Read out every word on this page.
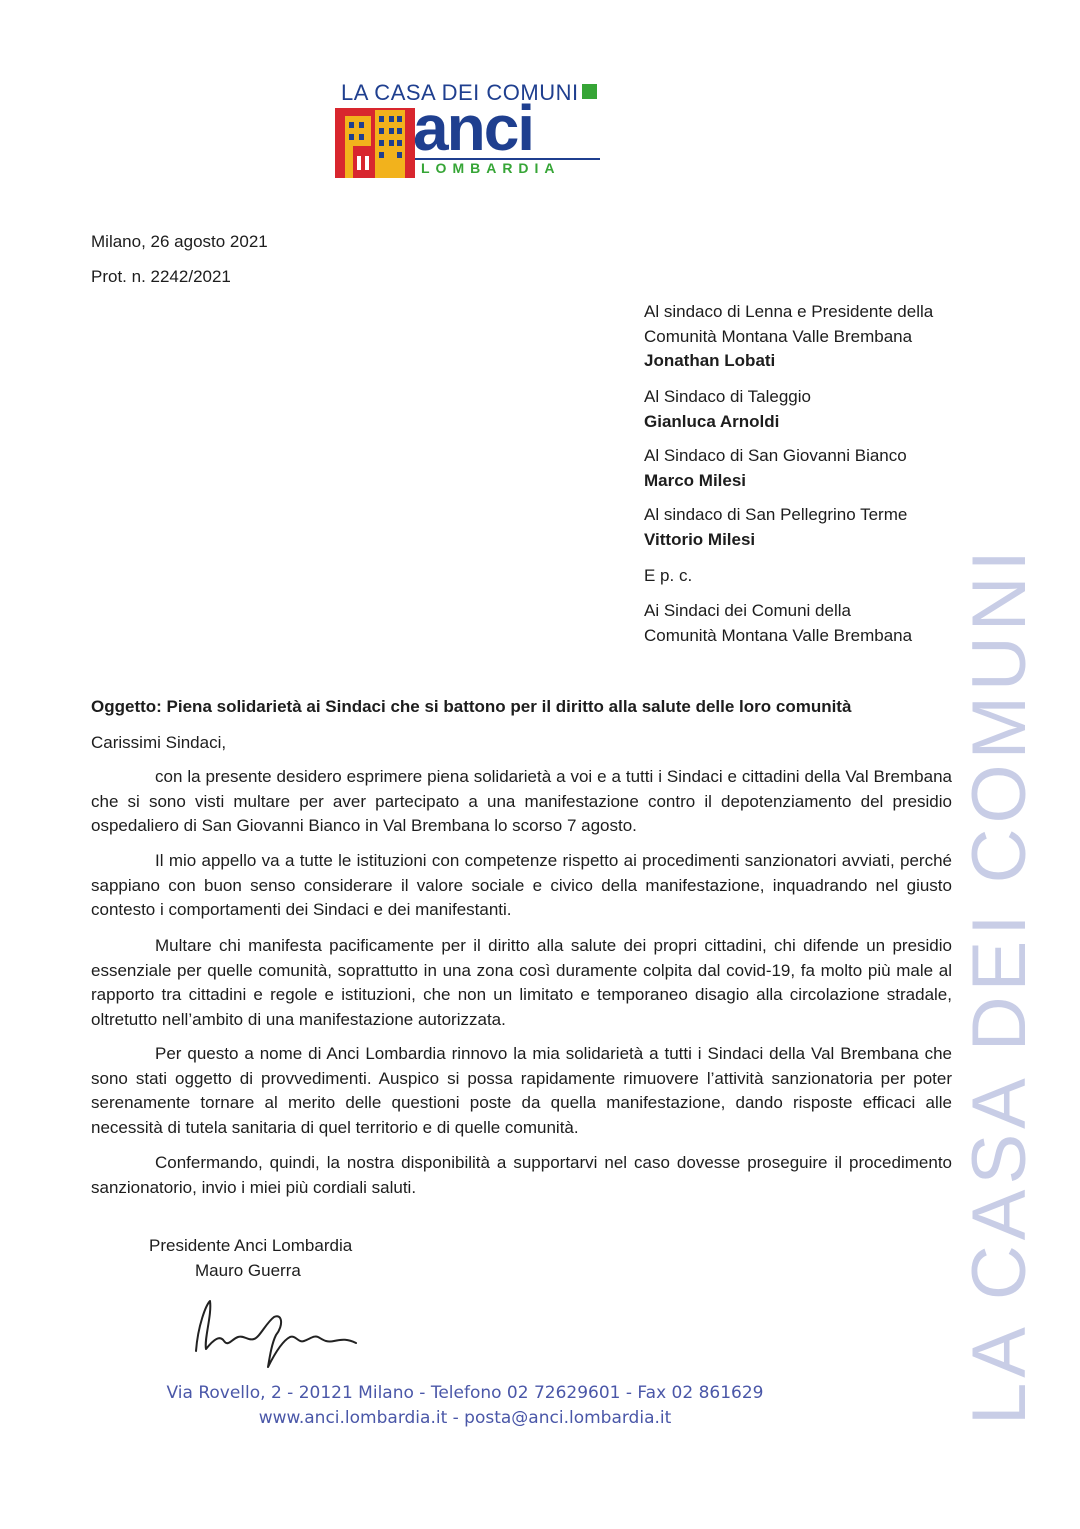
LA CASA DEI COMUNI
anci
LOMBARDIA
Milano, 26 agosto 2021
Prot. n. 2242/2021
Al sindaco di Lenna e Presidente della
Comunità Montana Valle Brembana
Jonathan Lobati
Al Sindaco di Taleggio
Gianluca Arnoldi
Al Sindaco di San Giovanni Bianco
Marco Milesi
Al sindaco di San Pellegrino Terme
Vittorio Milesi
E p. c.
Ai Sindaci dei Comuni della
Comunità Montana Valle Brembana
Oggetto: Piena solidarietà ai Sindaci che si battono per il diritto alla salute delle loro comunità
Carissimi Sindaci,
con la presente desidero esprimere piena solidarietà a voi e a tutti i Sindaci e cittadini della Val Brembana che si sono visti multare per aver partecipato a una manifestazione contro il depotenziamento del presidio ospedaliero di San Giovanni Bianco in Val Brembana lo scorso 7 agosto.
Il mio appello va a tutte le istituzioni con competenze rispetto ai procedimenti sanzionatori avviati, perché sappiano con buon senso considerare il valore sociale e civico della manifestazione, inquadrando nel giusto contesto i comportamenti dei Sindaci e dei manifestanti.
Multare chi manifesta pacificamente per il diritto alla salute dei propri cittadini, chi difende un presidio essenziale per quelle comunità, soprattutto in una zona così duramente colpita dal covid-19, fa molto più male al rapporto tra cittadini e regole e istituzioni, che non un limitato e temporaneo disagio alla circolazione stradale, oltretutto nell’ambito di una manifestazione autorizzata.
Per questo a nome di Anci Lombardia rinnovo la mia solidarietà a tutti i Sindaci della Val Brembana che sono stati oggetto di provvedimenti. Auspico si possa rapidamente rimuovere l’attività sanzionatoria per poter serenamente tornare al merito delle questioni poste da quella manifestazione, dando risposte efficaci alle necessità di tutela sanitaria di quel territorio e di quelle comunità.
Confermando, quindi, la nostra disponibilità a supportarvi nel caso dovesse proseguire il procedimento sanzionatorio, invio i miei più cordiali saluti.
Presidente Anci Lombardia
Mauro Guerra
Via Rovello, 2 - 20121 Milano - Telefono 02 72629601 - Fax 02 861629
www.anci.lombardia.it - posta@anci.lombardia.it	LA CASA DEI COMUNI
